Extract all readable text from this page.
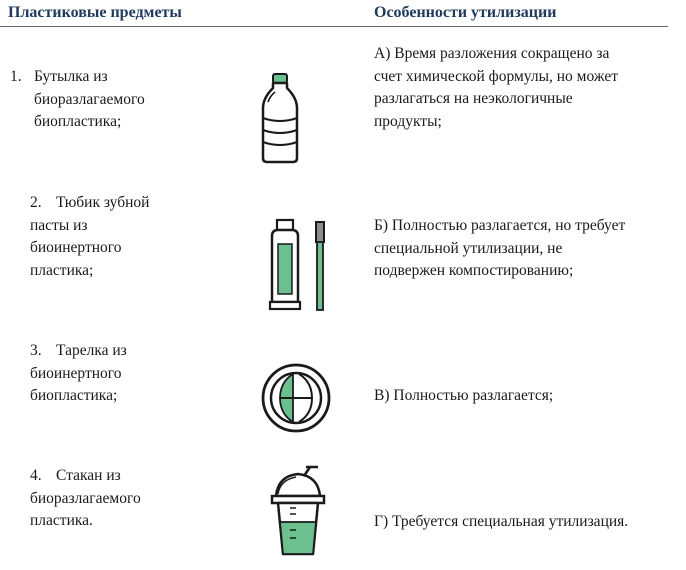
Пластиковые предметы	Особенности утилизации
1. Бутылка из
биоразлагаемого
биопластика;
2. Тюбик зубной
пасты из
биоинертного
пластика;
3. Тарелка из
биоинертного
биопластика;
4. Стакан из
биоразлагаемого
пластика.
А) Время разложения сокращено за
счет химической формулы, но может
разлагаться на неэкологичные
продукты;
Б) Полностью разлагается, но требует
специальной утилизации, не
подвержен компостированию;
В) Полностью разлагается;
Г) Требуется специальная утилизация.
